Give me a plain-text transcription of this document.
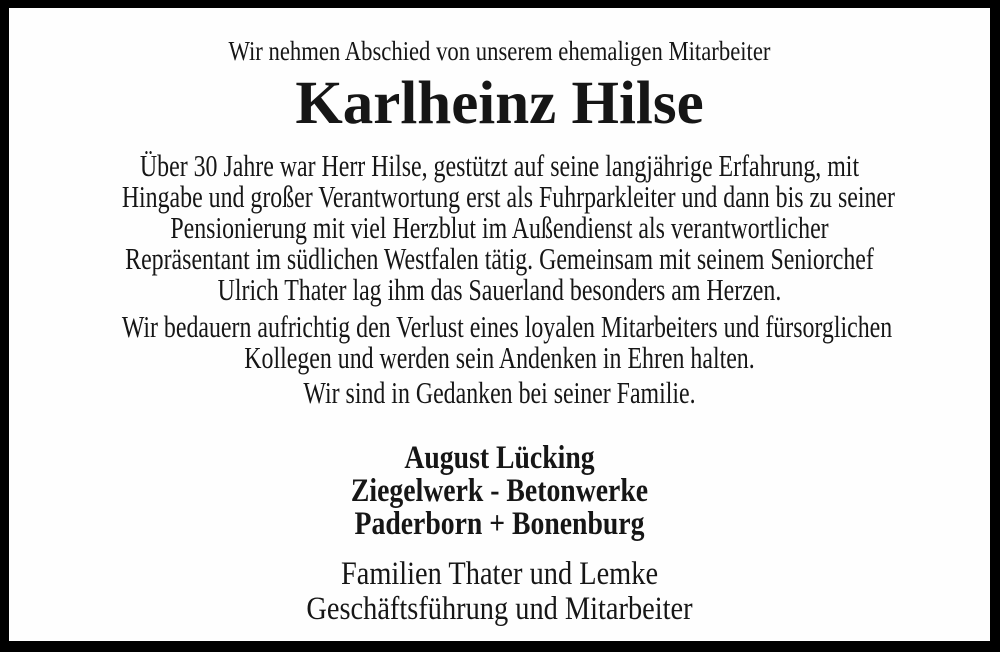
Wir nehmen Abschied von unserem ehemaligen Mitarbeiter
Karlheinz Hilse
Über 30 Jahre war Herr Hilse, gestützt auf seine langjährige Erfahrung, mit
Hingabe und großer Verantwortung erst als Fuhrparkleiter und dann bis zu seiner
Pensionierung mit viel Herzblut im Außendienst als verantwortlicher
Repräsentant im südlichen Westfalen tätig. Gemeinsam mit seinem Seniorchef
Ulrich Thater lag ihm das Sauerland besonders am Herzen.
Wir bedauern aufrichtig den Verlust eines loyalen Mitarbeiters und fürsorglichen
Kollegen und werden sein Andenken in Ehren halten.
Wir sind in Gedanken bei seiner Familie.
August Lücking
Ziegelwerk - Betonwerke
Paderborn + Bonenburg
Familien Thater und Lemke
Geschäftsführung und Mitarbeiter
